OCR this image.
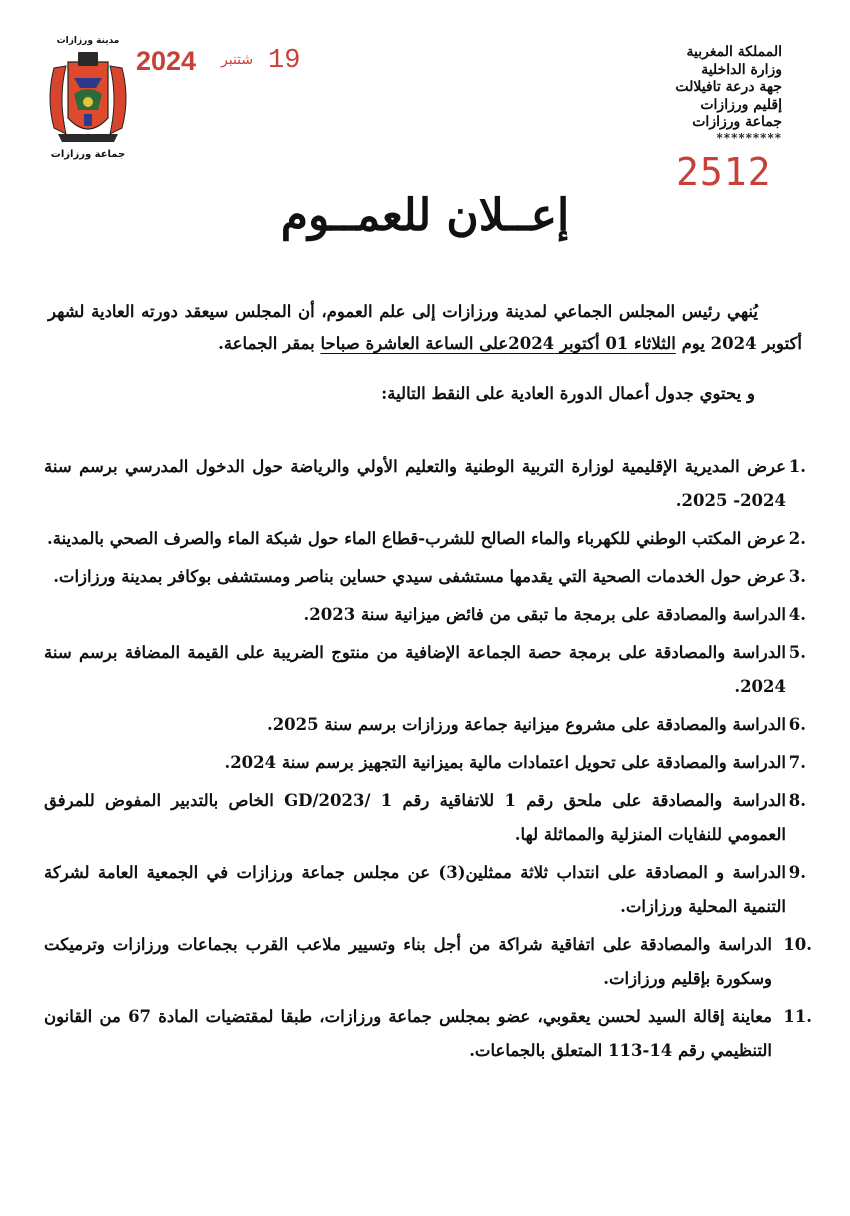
المملكة المغربية
وزارة الداخلية
جهة درعة تافيلالت
إقليم ورزازات
جماعة ورزازات
*********
2512
2024 شتنبر 19
مدينة ورزازات
جماعة ورزازات
إعــلان للعمــوم

يُنهي رئيس المجلس الجماعي لمدينة ورزازات إلى علم العموم، أن المجلس سيعقد دورته العادية لشهر أكتوبر 2024 يوم الثلاثاء 01 أكتوبر 2024على الساعة العاشرة صباحا بمقر الجماعة.

و يحتوي جدول أعمال الدورة العادية على النقط التالية:
1.
عرض المديرية الإقليمية لوزارة التربية الوطنية والتعليم الأولي والرياضة حول الدخول المدرسي برسم سنة 2024- 2025.
2.
عرض المكتب الوطني للكهرباء والماء الصالح للشرب-قطاع الماء حول شبكة الماء والصرف الصحي بالمدينة.
3.
عرض حول الخدمات الصحية التي يقدمها مستشفى سيدي حساين بناصر ومستشفى بوكافر بمدينة ورزازات.
4.
الدراسة والمصادقة على برمجة ما تبقى من فائض ميزانية سنة 2023.
5.
الدراسة والمصادقة على برمجة حصة الجماعة الإضافية من منتوج الضريبة على القيمة المضافة برسم سنة 2024.
6.
الدراسة والمصادقة على مشروع ميزانية جماعة ورزازات برسم سنة 2025.
7.
الدراسة والمصادقة على تحويل اعتمادات مالية بميزانية التجهيز برسم سنة 2024.
8.
الدراسة والمصادقة على ملحق رقم 1 للاتفاقية رقم 1 /2023/GD الخاص بالتدبير المفوض للمرفق العمومي للنفايات المنزلية والمماثلة لها.
9.
الدراسة و المصادقة على انتداب ثلاثة ممثلين(3) عن مجلس جماعة ورزازات في الجمعية العامة لشركة التنمية المحلية ورزازات.
10.
الدراسة والمصادقة على اتفاقية شراكة من أجل بناء وتسيير ملاعب القرب بجماعات ورزازات وترميكت وسكورة بإقليم ورزازات.
11.
معاينة إقالة السيد لحسن يعقوبي، عضو بمجلس جماعة ورزازات، طبقا لمقتضيات المادة 67 من القانون التنظيمي رقم 14-113 المتعلق بالجماعات.
